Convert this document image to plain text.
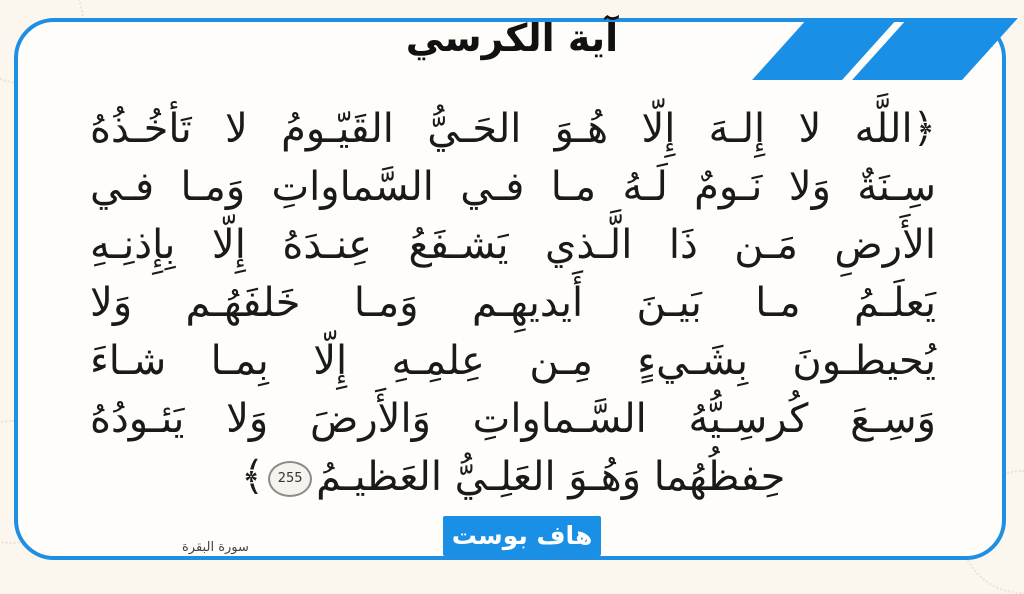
آية الكرسي
﴿اللَّه لا إِلـهَ إِلّا هُـوَ الحَـيُّ القَيّـومُ لا تَأخُـذُهُ
سِـنَةٌ وَلا نَـومٌ لَـهُ مـا فـي السَّماواتِ وَمـا فـي
الأَرضِ مَـن ذَا الَّـذي يَشـفَعُ عِنـدَهُ إِلّا بِإِذنِـهِ
يَعلَـمُ مـا بَيـنَ أَيديهِـم وَمـا خَلفَهُـم وَلا
يُحيطـونَ بِشَـيءٍ مِـن عِلمِـهِ إِلّا بِمـا شـاءَ
وَسِـعَ كُرسِـيُّهُ السَّـماواتِ وَالأَرضَ وَلا يَئـودُهُ
حِفظُهُما وَهُـوَ العَلِـيُّ العَظيـمُ255﴾
سورة البقرة	هاف بوست
